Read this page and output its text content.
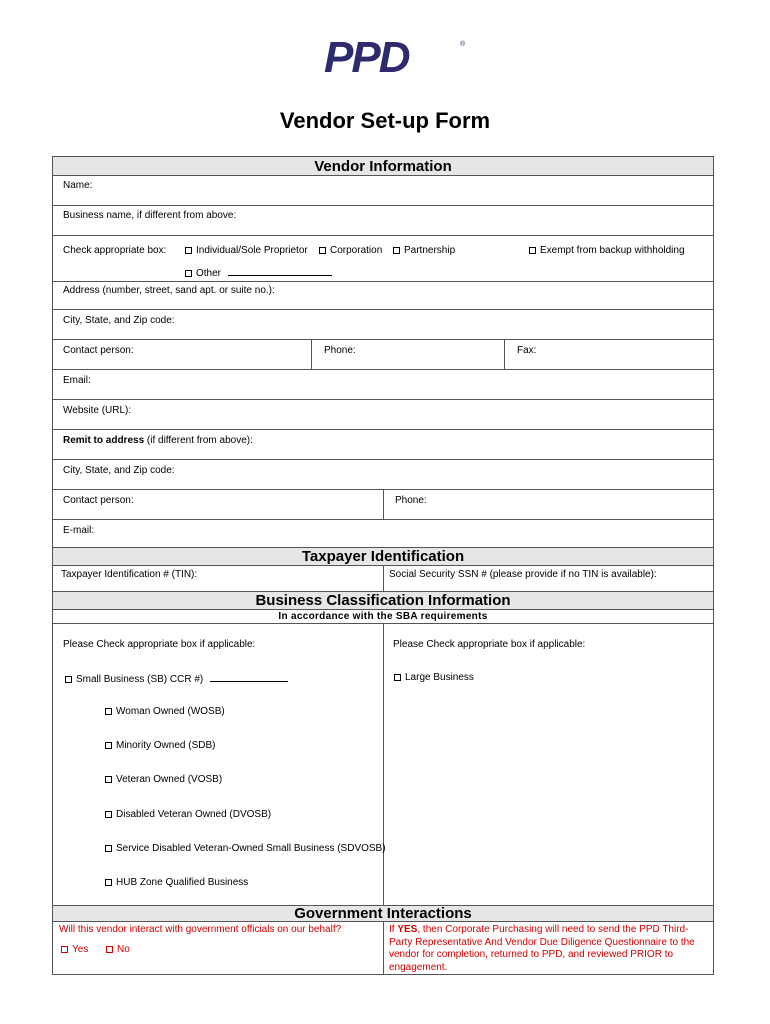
PPD	®
Vendor Set-up Form
Vendor Information
Name:
Business name, if different from above:
Check appropriate box:	Individual/Sole Proprietor	Corporation	Partnership	Exempt from backup withholding
Other
Address (number, street, sand apt. or suite no.):
City, State, and Zip code:
Contact person:	Phone:	Fax:
Email:
Website (URL):
Remit to address (if different from above):
City, State, and Zip code:
Contact person:	Phone:
E-mail:
Taxpayer Identification
Taxpayer Identification # (TIN):	Social Security SSN # (please provide if no TIN is available):
Business Classification Information
In accordance with the SBA requirements
Please Check appropriate box if applicable:	Please Check appropriate box if applicable:
Small Business (SB) CCR #)	Large Business
Woman Owned (WOSB)
Minority Owned (SDB)
Veteran Owned (VOSB)
Disabled Veteran Owned (DVOSB)
Service Disabled Veteran-Owned Small Business (SDVOSB)
HUB Zone Qualified Business
Government Interactions
Will this vendor interact with government officials on our behalf?
Yes	No
If YES, then Corporate Purchasing will need to send the PPD Third-Party Representative And Vendor Due Diligence Questionnaire to the vendor for completion, returned to PPD, and reviewed PRIOR to engagement.
